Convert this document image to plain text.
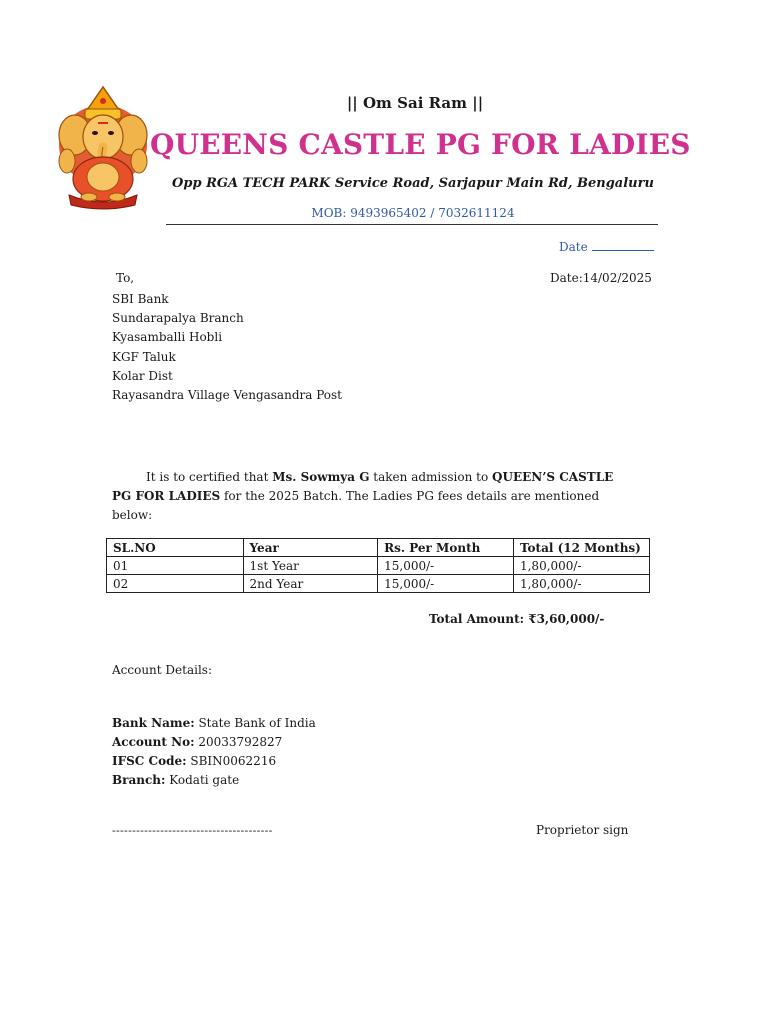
|| Om Sai Ram ||
QUEENS CASTLE PG FOR LADIES
Opp RGA TECH PARK Service Road, Sarjapur Main Rd, Bengaluru
MOB: 9493965402 / 7032611124
Date
Date:14/02/2025
To,
SBI Bank
Sundarapalya Branch
Kyasamballi Hobli
KGF Taluk
Kolar Dist
Rayasandra Village Vengasandra Post
It is to certified that Ms. Sowmya G taken admission to QUEEN’S CASTLE PG FOR LADIES for the 2025 Batch. The Ladies PG fees details are mentioned below:
SL.NO	Year	Rs. Per Month	Total (12 Months)
01	1st Year	15,000/-	1,80,000/-
02	2nd Year	15,000/-	1,80,000/-
Total Amount: ₹3,60,000/-
Account Details:
Bank Name: State Bank of India
Account No: 20033792827
IFSC Code: SBIN0062216
Branch: Kodati gate
----------------------------------------	Proprietor sign
